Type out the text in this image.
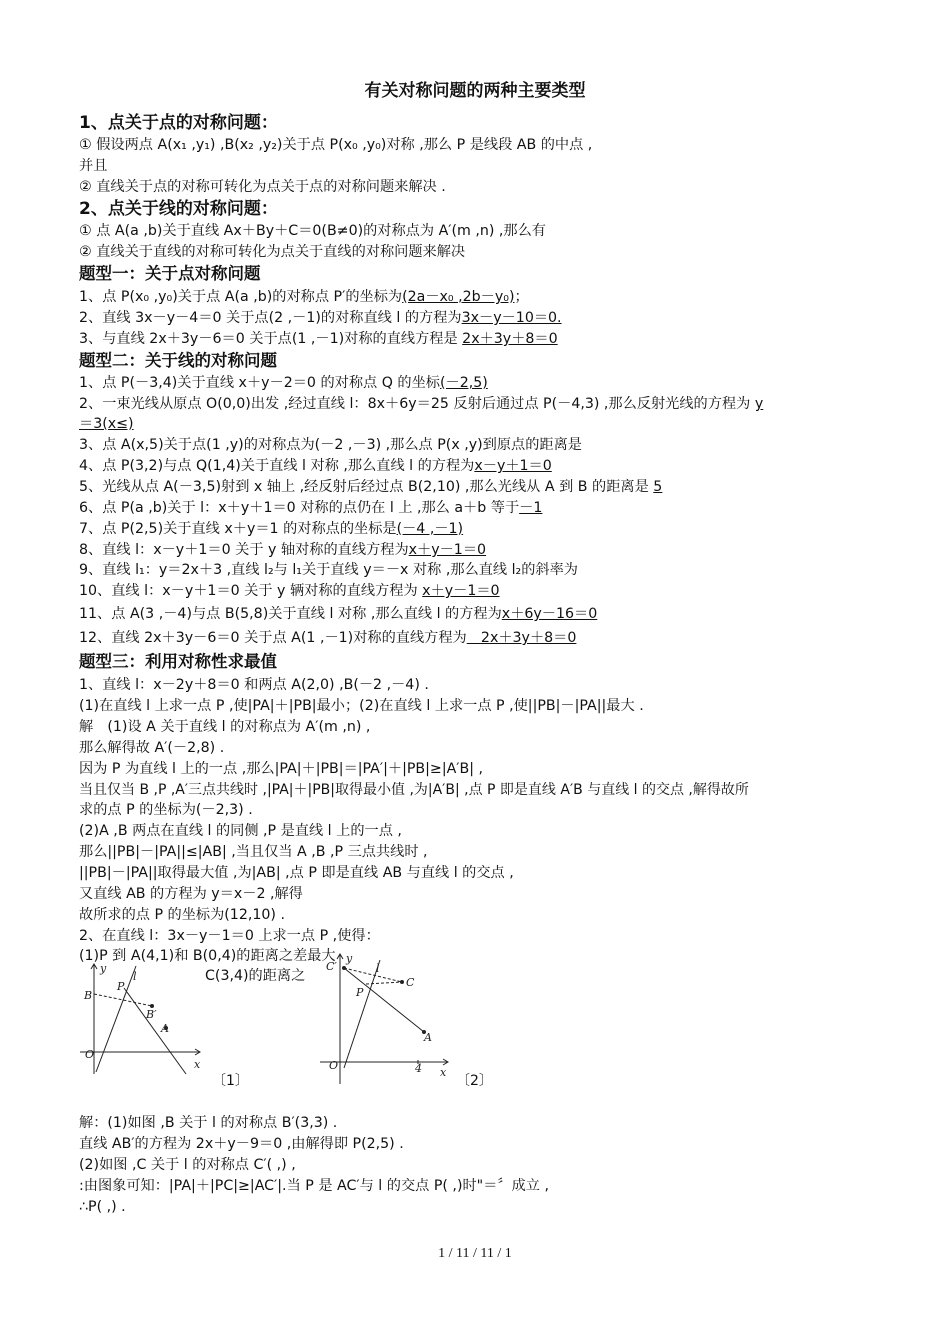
有关对称问题的两种主要类型
1、点关于点的对称问题：
① 假设两点 A(x₁ ,y₁) ,B(x₂ ,y₂)关于点 P(x₀ ,y₀)对称 ,那么 P 是线段 AB 的中点 ,
并且
② 直线关于点的对称可转化为点关于点的对称问题来解决 .
2、点关于线的对称问题：
① 点 A(a ,b)关于直线 Ax＋By＋C＝0(B≠0)的对称点为 A′(m ,n) ,那么有
② 直线关于直线的对称可转化为点关于直线的对称问题来解决
题型一：关于点对称问题
1、点 P(x₀ ,y₀)关于点 A(a ,b)的对称点 P′的坐标为(2a－x₀ ,2b－y₀)；
2、直线 3x－y－4＝0 关于点(2 ,－1)的对称直线 l 的方程为3x－y－10＝0.
3、与直线 2x＋3y－6＝0 关于点(1 ,－1)对称的直线方程是 2x＋3y＋8＝0
题型二：关于线的对称问题
1、点 P(－3,4)关于直线 x＋y－2＝0 的对称点 Q 的坐标(－2,5)
2、一束光线从原点 O(0,0)出发 ,经过直线 l：8x＋6y＝25 反射后通过点 P(－4,3) ,那么反射光线的方程为 y
＝3(x≤)
3、点 A(x,5)关于点(1 ,y)的对称点为(－2 ,－3) ,那么点 P(x ,y)到原点的距离是
4、点 P(3,2)与点 Q(1,4)关于直线 l 对称 ,那么直线 l 的方程为x－y＋1＝0
5、光线从点 A(－3,5)射到 x 轴上 ,经反射后经过点 B(2,10) ,那么光线从 A 到 B 的距离是 5
6、点 P(a ,b)关于 l：x＋y＋1＝0 对称的点仍在 l 上 ,那么 a＋b 等于－1
7、点 P(2,5)关于直线 x＋y＝1 的对称点的坐标是(－4 ,－1)
8、直线 l：x－y＋1＝0 关于 y 轴对称的直线方程为x＋y－1＝0
9、直线 l₁：y＝2x＋3 ,直线 l₂与 l₁关于直线 y＝－x 对称 ,那么直线 l₂的斜率为
10、直线 l：x－y＋1＝0 关于 y 辆对称的直线方程为 x＋y－1＝0
11、点 A(3 ,－4)与点 B(5,8)关于直线 l 对称 ,那么直线 l 的方程为x＋6y－16＝0
12、直线 2x＋3y－6＝0 关于点 A(1 ,－1)对称的直线方程为　 2x＋3y＋8＝0
题型三：利用对称性求最值
1、直线 l：x－2y＋8＝0 和两点 A(2,0) ,B(－2 ,－4) .
(1)在直线 l 上求一点 P ,使|PA|＋|PB|最小；(2)在直线 l 上求一点 P ,使||PB|－|PA||最大 .
解　(1)设 A 关于直线 l 的对称点为 A′(m ,n) ,
那么解得故 A′(－2,8) .
因为 P 为直线 l 上的一点 ,那么|PA|＋|PB|＝|PA′|＋|PB|≥|A′B| ,
当且仅当 B ,P ,A′三点共线时 ,|PA|＋|PB|取得最小值 ,为|A′B| ,点 P 即是直线 A′B 与直线 l 的交点 ,解得故所
求的点 P 的坐标为(－2,3) .
(2)A ,B 两点在直线 l 的同侧 ,P 是直线 l 上的一点 ,
那么||PB|－|PA||≤|AB| ,当且仅当 A ,B ,P 三点共线时 ,
||PB|－|PA||取得最大值 ,为|AB| ,点 P 即是直线 AB 与直线 l 的交点 ,
又直线 AB 的方程为 y＝x－2 ,解得
故所求的点 P 的坐标为(12,10) .
2、在直线 l：3x－y－1＝0 上求一点 P ,使得：
(1)P 到 A(4,1)和 B(0,4)的距离之差最大
C(3,4)的距离之
y
l
P
B
B′
A
O
x
〔1〕
y
C′	l
P
C
A
O	4 x
〔2〕
解：(1)如图 ,B 关于 l 的对称点 B′(3,3) .
直线 AB′的方程为 2x＋y－9＝0 ,由解得即 P(2,5) .
(2)如图 ,C 关于 l 的对称点 C′( ,) ,
:由图象可知：|PA|＋|PC|≥|AC′|.当 P 是 AC′与 l 的交点 P( ,)时"＝〞成立 ,
∴P( ,) .
1 / 11 / 11 / 1
